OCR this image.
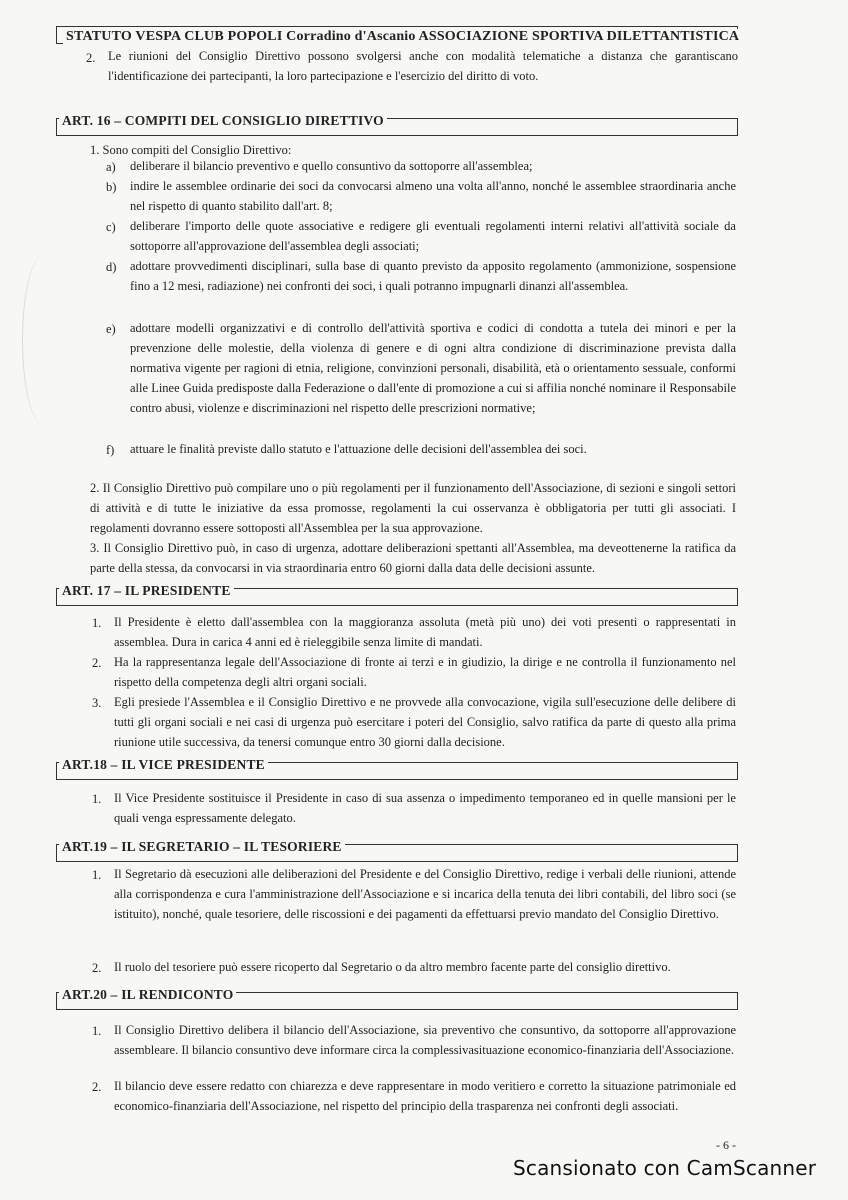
STATUTO VESPA CLUB POPOLI Corradino d'Ascanio ASSOCIAZIONE SPORTIVA DILETTANTISTICA
2. Le riunioni del Consiglio Direttivo possono svolgersi anche con modalità telematiche a distanza che garantiscano l'identificazione dei partecipanti, la loro partecipazione e l'esercizio del diritto di voto.

ART. 16 – COMPITI DEL CONSIGLIO DIRETTIVO

1. Sono compiti del Consiglio Direttivo:

a) deliberare il bilancio preventivo e quello consuntivo da sottoporre all'assemblea;

b) indire le assemblee ordinarie dei soci da convocarsi almeno una volta all'anno, nonché le assemblee straordinaria anche nel rispetto di quanto stabilito dall'art. 8;

c) deliberare l'importo delle quote associative e redigere gli eventuali regolamenti interni relativi all'attività sociale da sottoporre all'approvazione dell'assemblea degli associati;

d) adottare provvedimenti disciplinari, sulla base di quanto previsto da apposito regolamento (ammonizione, sospensione fino a 12 mesi, radiazione) nei confronti dei soci, i quali potranno impugnarli dinanzi all'assemblea.

e) adottare modelli organizzativi e di controllo dell'attività sportiva e codici di condotta a tutela dei minori e per la prevenzione delle molestie, della violenza di genere e di ogni altra condizione di discriminazione prevista dalla normativa vigente per ragioni di etnia, religione, convinzioni personali, disabilità, età o orientamento sessuale, conformi alle Linee Guida predisposte dalla Federazione o dall'ente di promozione a cui si affilia nonché nominare il Responsabile contro abusi, violenze e discriminazioni nel rispetto delle prescrizioni normative;

f) attuare le finalità previste dallo statuto e l'attuazione delle decisioni dell'assemblea dei soci.

2. Il Consiglio Direttivo può compilare uno o più regolamenti per il funzionamento dell'Associazione, di sezioni e singoli settori di attività e di tutte le iniziative da essa promosse, regolamenti la cui osservanza è obbligatoria per tutti gli associati. I regolamenti dovranno essere sottoposti all'Assemblea per la sua approvazione.

3. Il Consiglio Direttivo può, in caso di urgenza, adottare deliberazioni spettanti all'Assemblea, ma deveottenerne la ratifica da parte della stessa, da convocarsi in via straordinaria entro 60 giorni dalla data delle decisioni assunte.

ART. 17 – IL PRESIDENTE
1. Il Presidente è eletto dall'assemblea con la maggioranza assoluta (metà più uno) dei voti presenti o rappresentati in assemblea. Dura in carica 4 anni ed è rieleggibile senza limite di mandati.

2. Ha la rappresentanza legale dell'Associazione di fronte ai terzi e in giudizio, la dirige e ne controlla il funzionamento nel rispetto della competenza degli altri organi sociali.

3. Egli presiede l'Assemblea e il Consiglio Direttivo e ne provvede alla convocazione, vigila sull'esecuzione delle delibere di tutti gli organi sociali e nei casi di urgenza può esercitare i poteri del Consiglio, salvo ratifica da parte di questo alla prima riunione utile successiva, da tenersi comunque entro 30 giorni dalla decisione.

ART.18 – IL VICE PRESIDENTE
1. Il Vice Presidente sostituisce il Presidente in caso di sua assenza o impedimento temporaneo ed in quelle mansioni per le quali venga espressamente delegato.

ART.19 – IL SEGRETARIO – IL TESORIERE
1. Il Segretario dà esecuzioni alle deliberazioni del Presidente e del Consiglio Direttivo, redige i verbali delle riunioni, attende alla corrispondenza e cura l'amministrazione dell'Associazione e si incarica della tenuta dei libri contabili, del libro soci (se istituito), nonché, quale tesoriere, delle riscossioni e dei pagamenti da effettuarsi previo mandato del Consiglio Direttivo.

2. Il ruolo del tesoriere può essere ricoperto dal Segretario o da altro membro facente parte del consiglio direttivo.

ART.20 – IL RENDICONTO
1. Il Consiglio Direttivo delibera il bilancio dell'Associazione, sia preventivo che consuntivo, da sottoporre all'approvazione assembleare. Il bilancio consuntivo deve informare circa la complessivasituazione economico-finanziaria dell'Associazione.

2. Il bilancio deve essere redatto con chiarezza e deve rappresentare in modo veritiero e corretto la situazione patrimoniale ed economico-finanziaria dell'Associazione, nel rispetto del principio della trasparenza nei confronti degli associati.

- 6 -
Scansionato con CamScanner
